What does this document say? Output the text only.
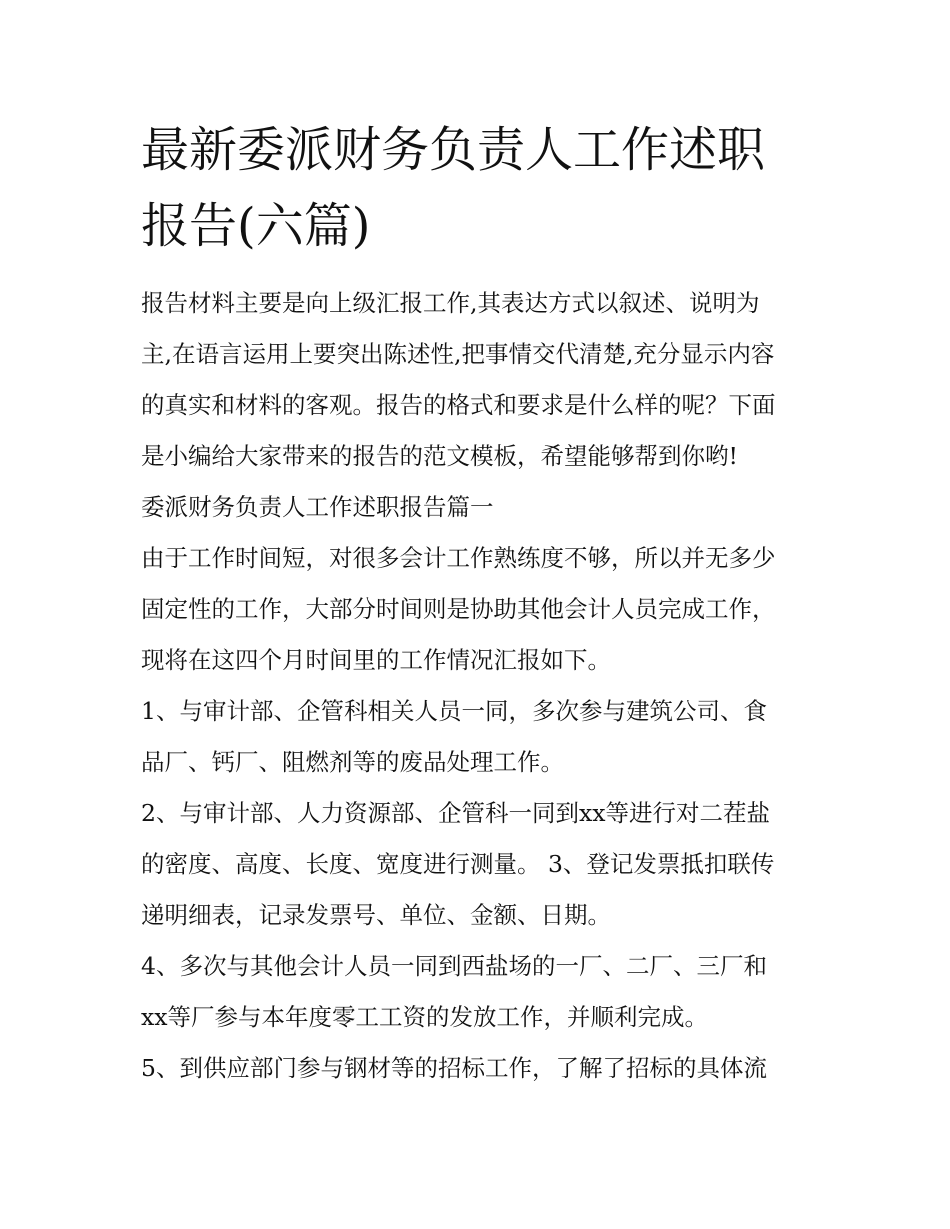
最新委派财务负责人工作述职
报告(六篇)

报告材料主要是向上级汇报工作,其表达方式以叙述、说明为
主,在语言运用上要突出陈述性,把事情交代清楚,充分显示内容
的真实和材料的客观。报告的格式和要求是什么样的呢？下面
是小编给大家带来的报告的范文模板，希望能够帮到你哟!

委派财务负责人工作述职报告篇一

由于工作时间短，对很多会计工作熟练度不够，所以并无多少
固定性的工作，大部分时间则是协助其他会计人员完成工作，
现将在这四个月时间里的工作情况汇报如下。

1、与审计部、企管科相关人员一同，多次参与建筑公司、食
品厂、钙厂、阻燃剂等的废品处理工作。

2、与审计部、人力资源部、企管科一同到xx等进行对二茬盐
的密度、高度、长度、宽度进行测量。 3、登记发票抵扣联传
递明细表，记录发票号、单位、金额、日期。

4、多次与其他会计人员一同到西盐场的一厂、二厂、三厂和
xx等厂参与本年度零工工资的发放工作，并顺利完成。

5、到供应部门参与钢材等的招标工作，了解了招标的具体流
